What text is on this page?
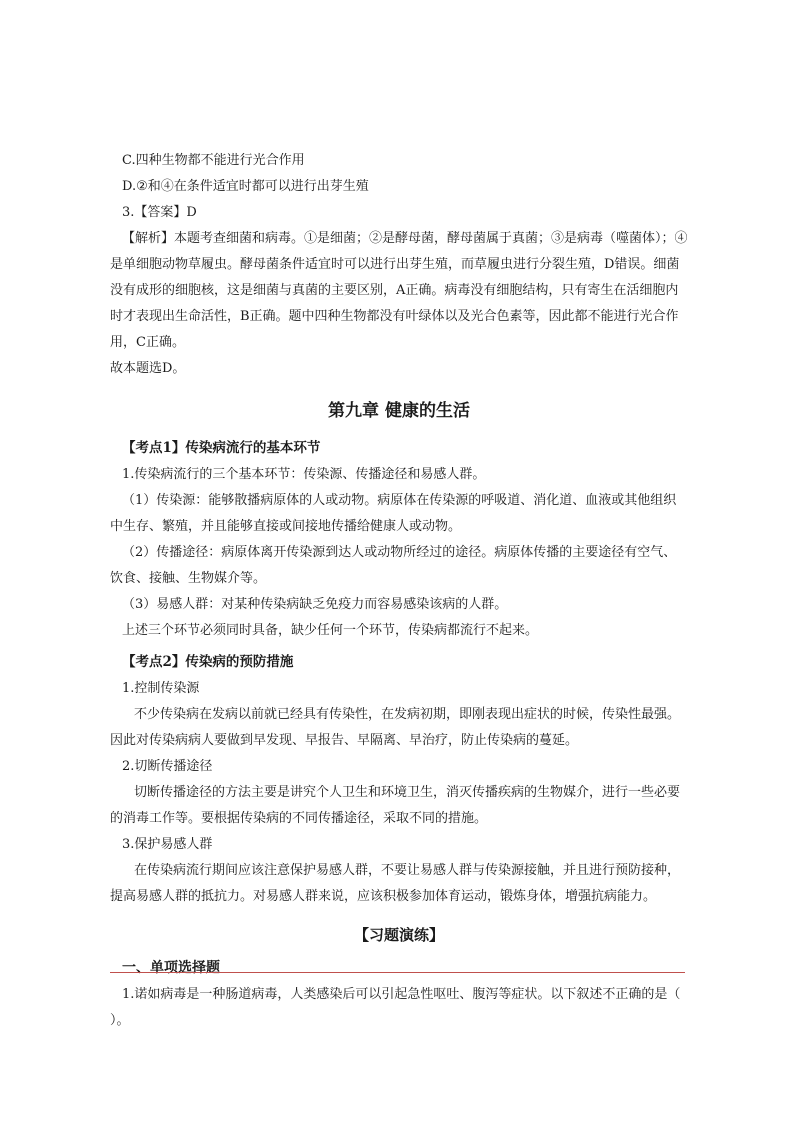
C.四种生物都不能进行光合作用

D.②和④在条件适宜时都可以进行出芽生殖

3.【答案】D

【解析】本题考查细菌和病毒。①是细菌；②是酵母菌，酵母菌属于真菌；③是病毒（噬菌体）；④是单细胞动物草履虫。酵母菌条件适宜时可以进行出芽生殖，而草履虫进行分裂生殖，D错误。细菌没有成形的细胞核，这是细菌与真菌的主要区别，A正确。病毒没有细胞结构，只有寄生在活细胞内时才表现出生命活性，B正确。题中四种生物都没有叶绿体以及光合色素等，因此都不能进行光合作用，C正确。

故本题选D。

第九章 健康的生活
【考点1】传染病流行的基本环节

1.传染病流行的三个基本环节：传染源、传播途径和易感人群。

（1）传染源：能够散播病原体的人或动物。病原体在传染源的呼吸道、消化道、血液或其他组织中生存、繁殖，并且能够直接或间接地传播给健康人或动物。

（2）传播途径：病原体离开传染源到达人或动物所经过的途径。病原体传播的主要途径有空气、饮食、接触、生物媒介等。

（3）易感人群：对某种传染病缺乏免疫力而容易感染该病的人群。

上述三个环节必须同时具备，缺少任何一个环节，传染病都流行不起来。

【考点2】传染病的预防措施

1.控制传染源

不少传染病在发病以前就已经具有传染性，在发病初期，即刚表现出症状的时候，传染性最强。因此对传染病病人要做到早发现、早报告、早隔离、早治疗，防止传染病的蔓延。

2.切断传播途径

切断传播途径的方法主要是讲究个人卫生和环境卫生，消灭传播疾病的生物媒介，进行一些必要的消毒工作等。要根据传染病的不同传播途径，采取不同的措施。

3.保护易感人群

在传染病流行期间应该注意保护易感人群，不要让易感人群与传染源接触，并且进行预防接种，提高易感人群的抵抗力。对易感人群来说，应该积极参加体育运动，锻炼身体，增强抗病能力。

【习题演练】
一、单项选择题

1.诺如病毒是一种肠道病毒，人类感染后可以引起急性呕吐、腹泻等症状。以下叙述不正确的是（ ）。
